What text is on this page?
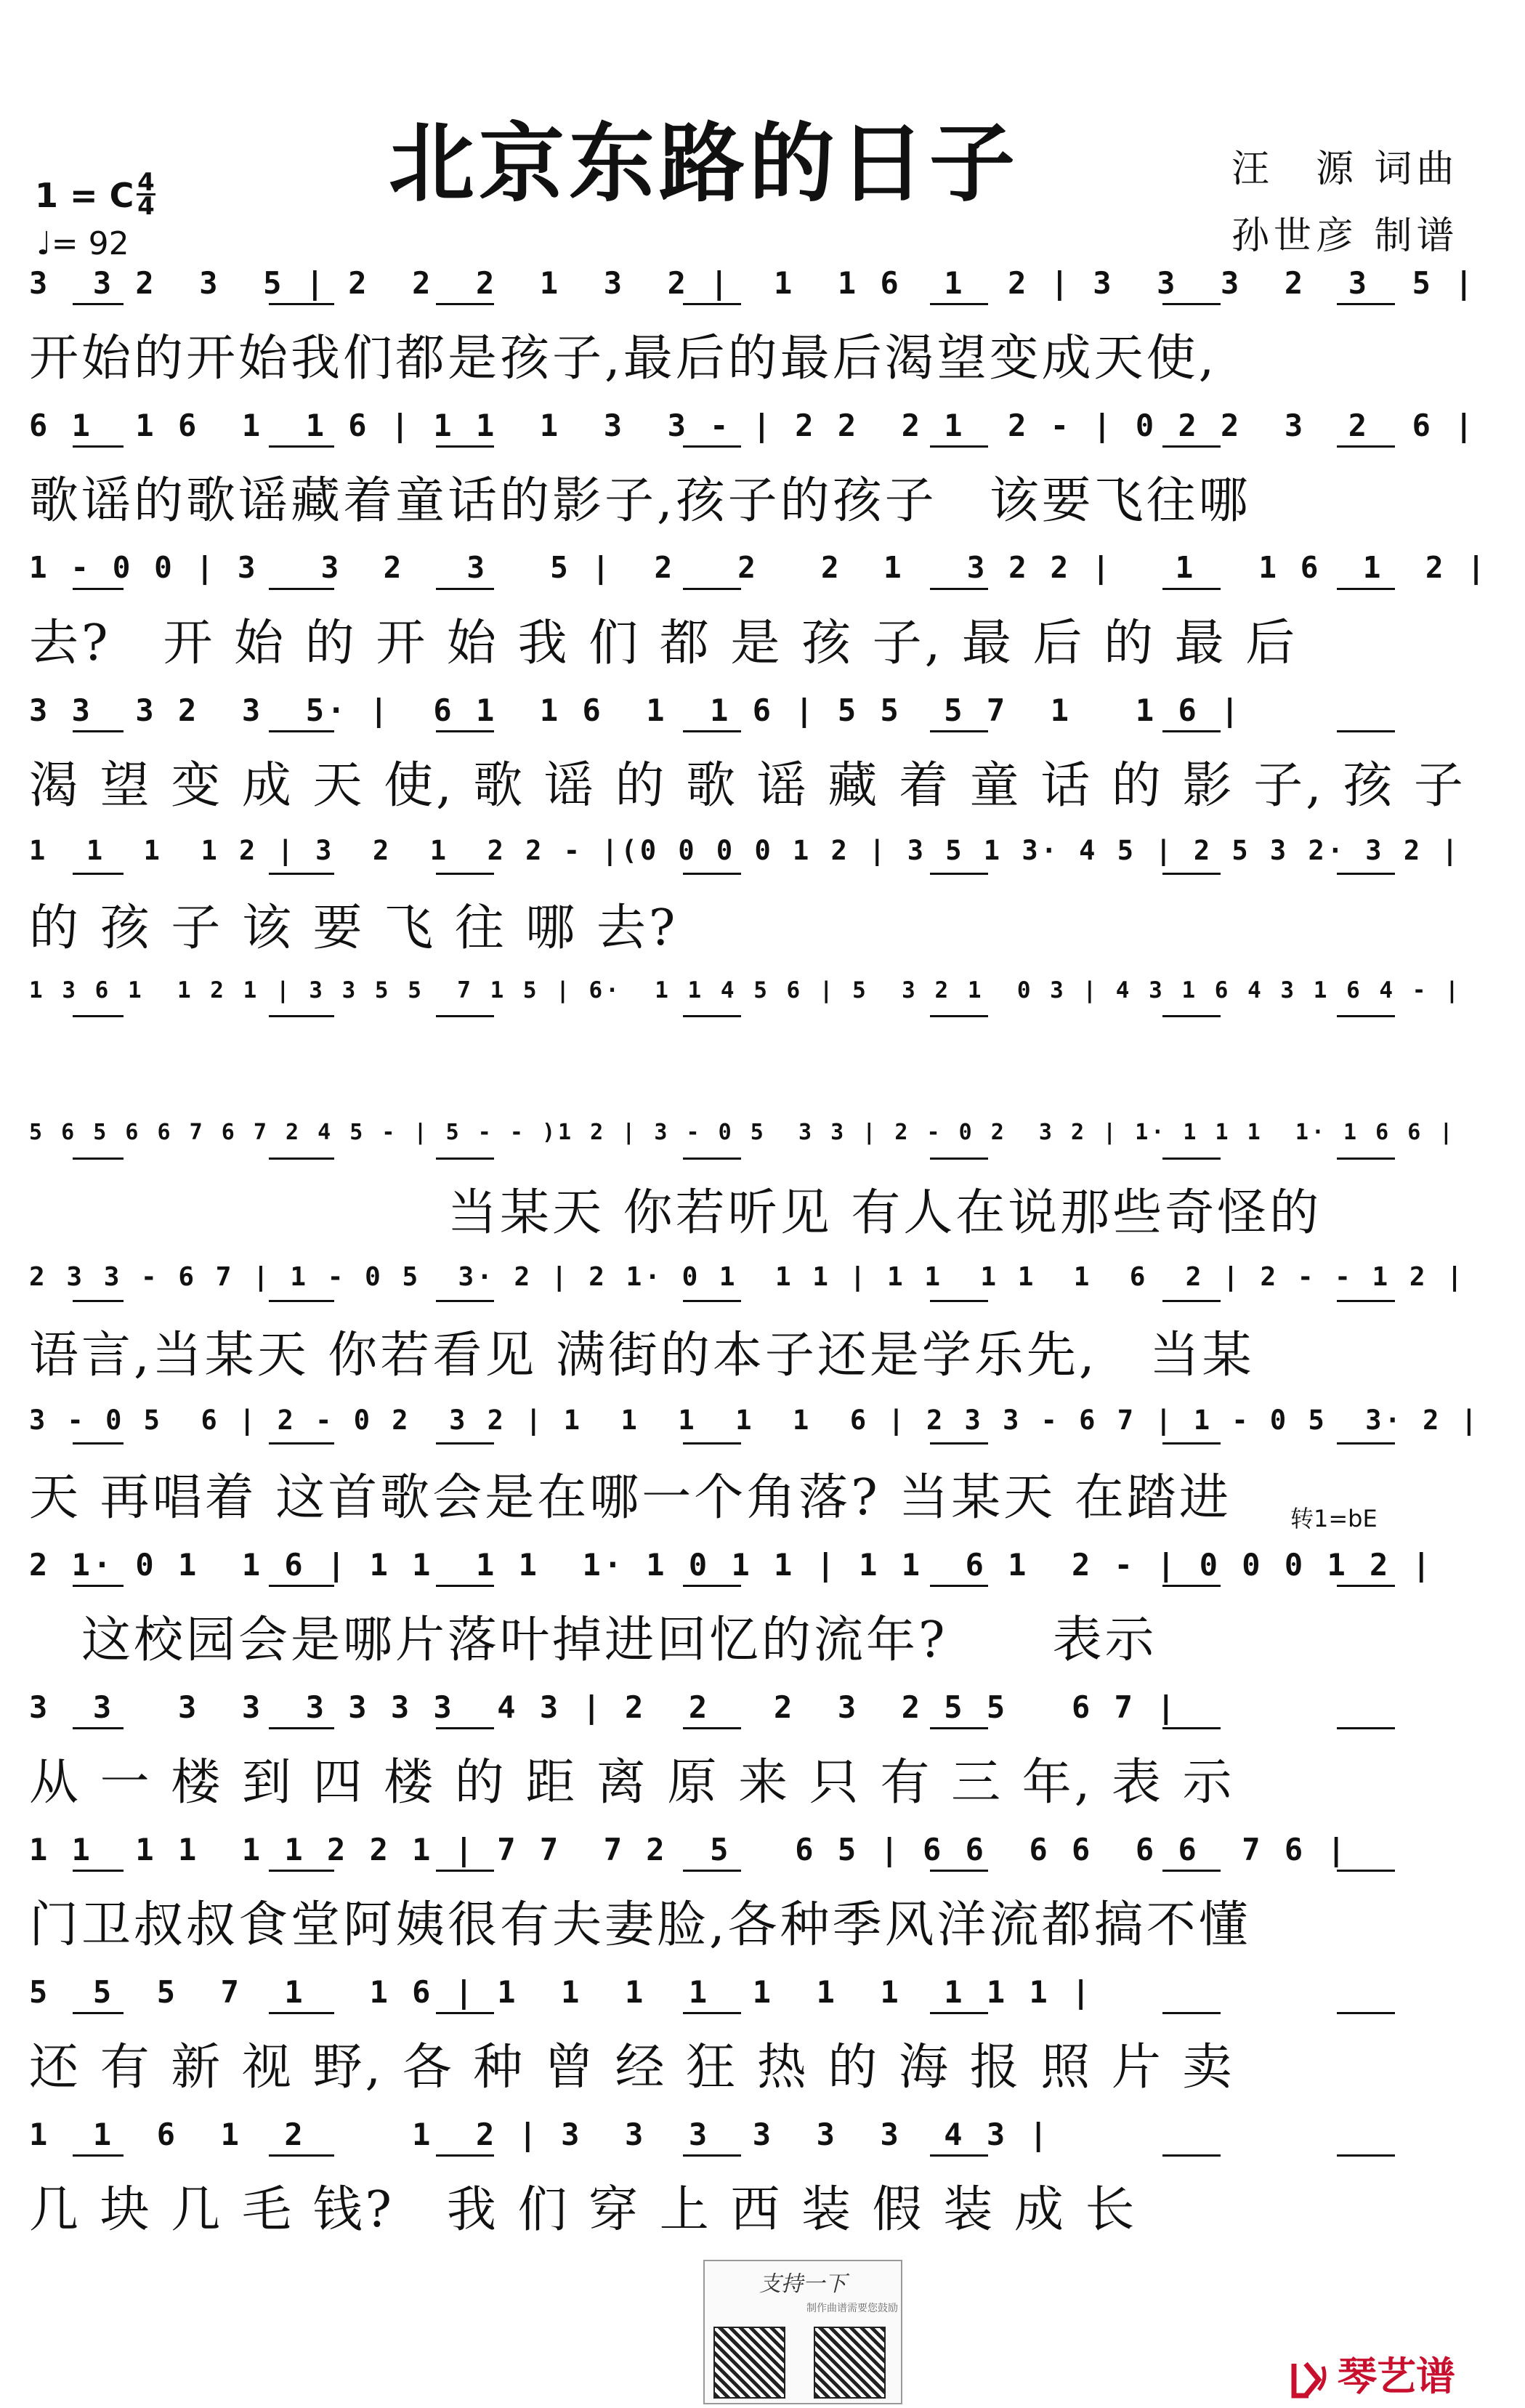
北京东路的日子	汪　源 词曲
孙世彦 制谱
1 = C 4
4
♩= 92
3  3 2  3  5 | 2  2  2  1  3  2 |  1  1 6  1  2 | 3  3  3  2  3  5 |
开始的开始我们都是孩子,最后的最后渴望变成天使,
6 1  1 6  1  1 6 | 1 1  1  3  3 - | 2 2  2 1  2 - | 0 2 2  3  2  6 |
歌谣的歌谣藏着童话的影子,孩子的孩子　该要飞往哪
1 - 0 0 | 3   3  2   3   5 |  2   2   2  1   3 2 2 |   1   1 6  1  2 |
去?　开 始 的 开 始 我 们 都 是 孩 子, 最 后 的 最 后
3 3  3 2  3  5· |  6 1  1 6  1  1 6 | 5 5  5 7  1   1 6 |
渴 望 变 成 天 使, 歌 谣 的 歌 谣 藏 着 童 话 的 影 子, 孩 子
1  1  1  1 2 | 3  2  1  2 2 - |(0 0 0 0 1 2 | 3 5 1 3· 4 5 | 2 5 3 2· 3 2 |
的 孩 子 该 要 飞 往 哪 去?
1 3 6 1  1 2 1 | 3 3 5 5  7 1 5 | 6·  1 1 4 5 6 | 5  3 2 1  0 3 | 4 3 1 6 4 3 1 6 4 - |
5 6 5 6 6 7 6 7 2 4 5 - | 5 - - )1 2 | 3 - 0 5  3 3 | 2 - 0 2  3 2 | 1· 1 1 1  1· 1 6 6 |
　　　　　　　　当某天 你若听见 有人在说那些奇怪的
2 3 3 - 6 7 | 1 - 0 5  3· 2 | 2 1· 0 1  1 1 | 1 1  1 1  1  6  2 | 2 - - 1 2 |
语言,当某天 你若看见 满街的本子还是学乐先,　当某
3 - 0 5  6 | 2 - 0 2  3 2 | 1  1  1  1  1  6 | 2 3 3 - 6 7 | 1 - 0 5  3· 2 |
天 再唱着 这首歌会是在哪一个角落? 当某天 在踏进
2 1· 0 1  1 6 | 1 1  1 1  1· 1 0 1 1 | 1 1  6 1  2 - | 0 0 0 1 2 |
　这校园会是哪片落叶掉进回忆的流年?　　表示
3  3   3  3  3 3 3 3  4 3 | 2  2   2  3  2 5 5   6 7 |
从 一 楼 到 四 楼 的 距 离 原 来 只 有 三 年, 表 示
1 1  1 1  1 1 2 2 1 | 7 7  7 2  5   6 5 | 6 6  6 6  6 6  7 6 |
门卫叔叔食堂阿姨很有夫妻脸,各种季风洋流都搞不懂
5  5  5  7  1   1 6 | 1  1  1  1  1  1  1  1 1 1 |
还 有 新 视 野, 各 种 曾 经 狂 热 的 海 报 照 片 卖
1  1  6  1  2     1  2 | 3  3  3  3  3  3  4 3 |
几 块 几 毛 钱?　我 们 穿 上 西 装 假 装 成 长
转1=bE
支持一下
制作曲谱需要您鼓励
琴艺谱
